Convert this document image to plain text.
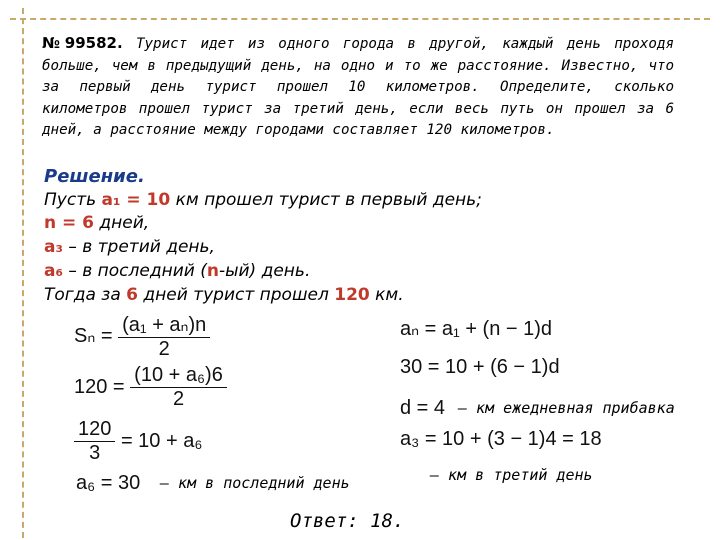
№99582. Турист идет из одного города в другой, каждый день проходя больше, чем в предыдущий день, на одно и то же расстояние. Известно, что за первый день турист прошел 10 километров. Определите, сколько километров прошел турист за третий день, если весь путь он прошел за 6 дней, а расстояние между городами составляет 120 километров.
Решение.
Пусть a₁ = 10 км прошел турист в первый день;
n = 6 дней,
a₃ – в третий день,
a₆ – в последний (n-ый) день.
Тогда за 6 дней турист прошел 120 км.
$S_n = \frac{\text{(a₁ + aₙ)n}}{2}$
$120 = \frac{\text{(10 + a₆)6}}{2}$
$\frac{120}{3} = 10 + a_6$
a₆ = 30 – км в последний день
aₙ = a₁ + (n − 1)d
30 = 10 + (6 − 1)d
d = 4 – км ежедневная прибавка
a₃ = 10 + (3 − 1)4 = 18
– км в третий день
Ответ: 18.
